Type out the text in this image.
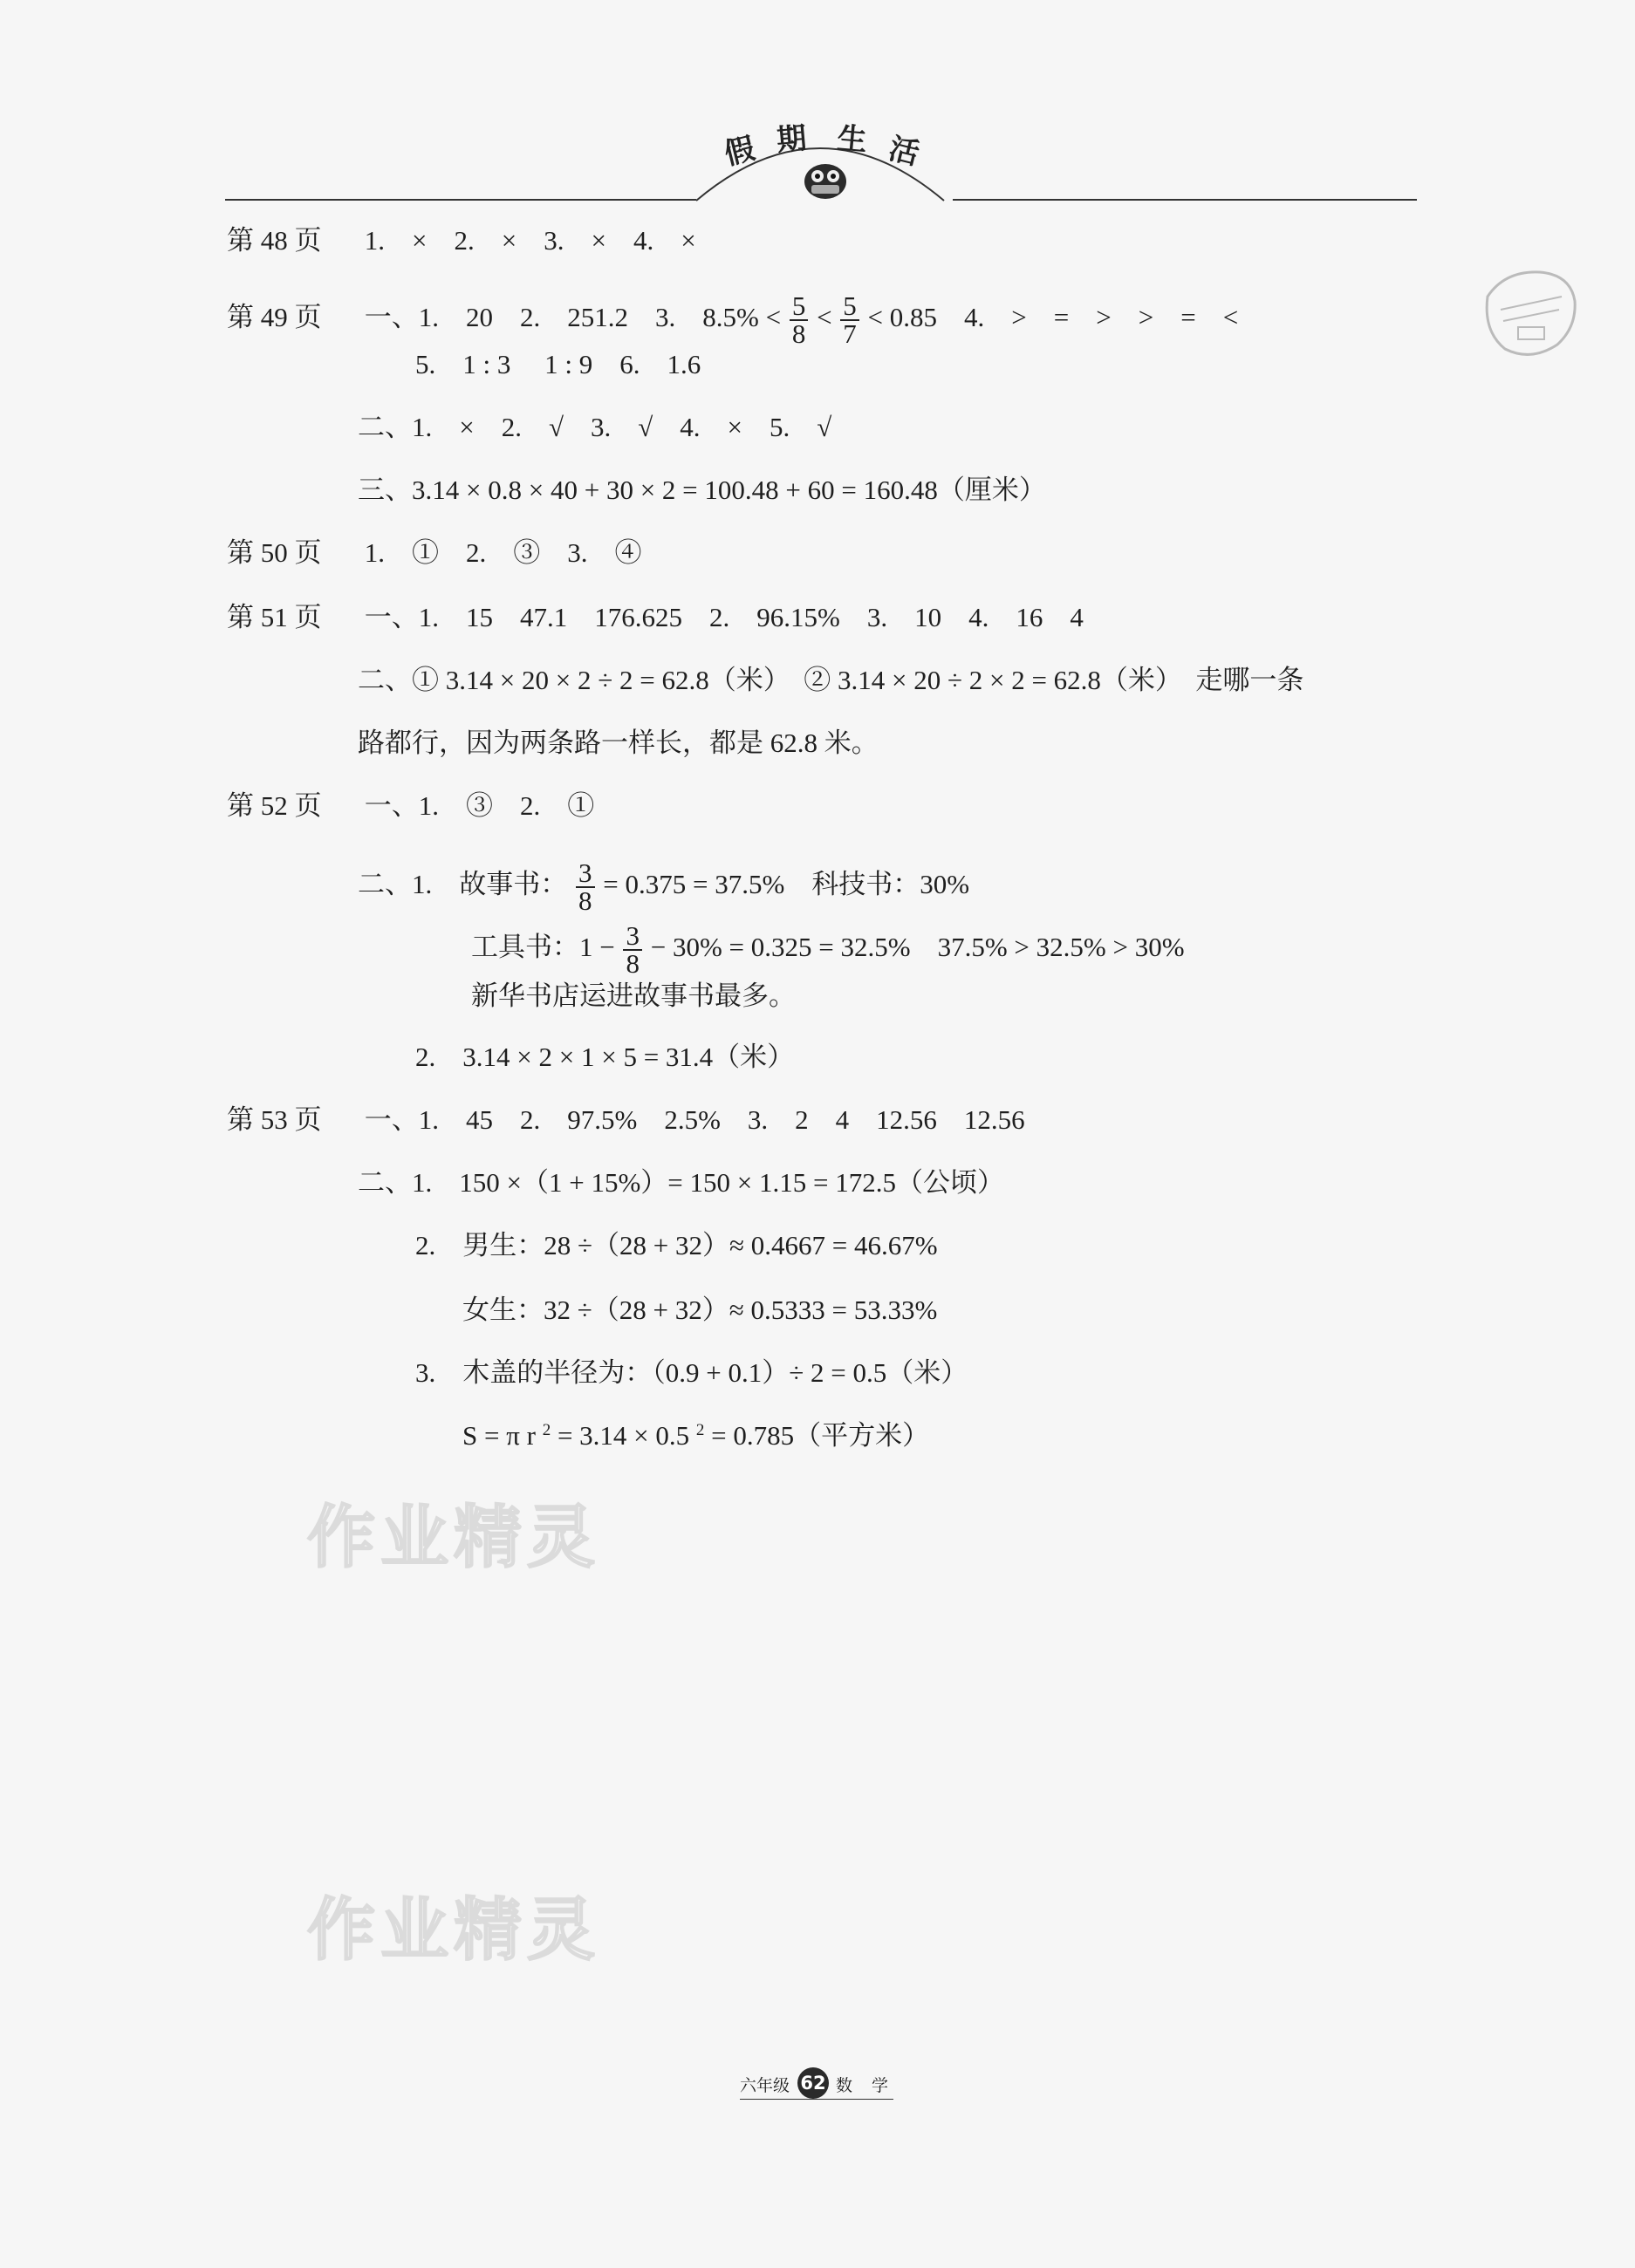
假 期 生 活
第 48 页 1.　×　2.　×　3.　×　4.　×
第 49 页 一、1.　20　2.　251.2　3.　$8.5\% < \frac{5}{8} < \frac{5}{7} < 0.85$　4.　>　=　>　>　=　<
5.　1 : 3　 1 : 9　6.　1.6
二、1.　×　2.　√　3.　√　4.　×　5.　√
三、3.14 × 0.8 × 40 + 30 × 2 = 100.48 + 60 = 160.48（厘米）
第 50 页 1.　①　2.　③　3.　④
第 51 页 一、1.　15　47.1　176.625　2.　96.15%　3.　10　4.　16　4
二、① 3.14 × 20 × 2 ÷ 2 = 62.8（米）　② 3.14 × 20 ÷ 2 × 2 = 62.8（米）　走哪一条
路都行，因为两条路一样长，都是 62.8 米。
第 52 页 一、1.　③　2.　①
二、1.　故事书： $\frac{3}{8} = 0.375 = 37.5\%$　科技书：30%
工具书：$1 - \frac{3}{8} - 30\% = 0.325 = 32.5\%$　37.5% > 32.5% > 30%
新华书店运进故事书最多。
2.　3.14 × 2 × 1 × 5 = 31.4（米）
第 53 页 一、1.　45　2.　97.5%　2.5%　3.　2　4　12.56　12.56
二、1.　150 ×（1 + 15%）= 150 × 1.15 = 172.5（公顷）
2.　男生：28 ÷（28 + 32）≈ 0.4667 = 46.67%
女生：32 ÷（28 + 32）≈ 0.5333 = 53.33%
3.　木盖的半径为：（0.9 + 0.1）÷ 2 = 0.5（米）
S = π r 2 = 3.14 × 0.5 2 = 0.785（平方米）
作业精灵
作业精灵
六年级 62 数 学
